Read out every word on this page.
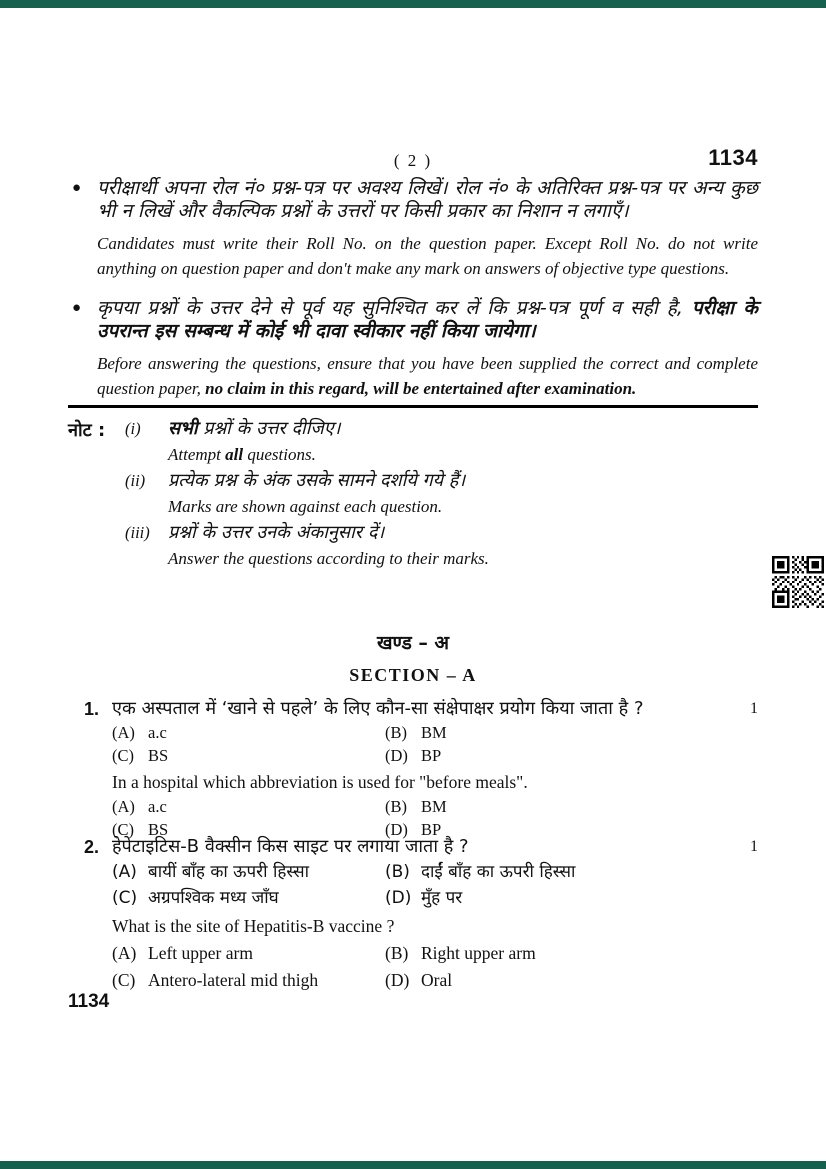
( 2 )	1134
● परीक्षार्थी अपना रोल नं० प्रश्न-पत्र पर अवश्य लिखें। रोल नं० के अतिरिक्त प्रश्न-पत्र पर अन्य कुछ भी न लिखें और वैकल्पिक प्रश्नों के उत्तरों पर किसी प्रकार का निशान न लगाएँ।
Candidates must write their Roll No. on the question paper. Except Roll No. do not write anything on question paper and don't make any mark on answers of objective type questions.
● कृपया प्रश्नों के उत्तर देने से पूर्व यह सुनिश्चित कर लें कि प्रश्न-पत्र पूर्ण व सही है, परीक्षा के उपरान्त इस सम्बन्ध में कोई भी दावा स्वीकार नहीं किया जायेगा।
Before answering the questions, ensure that you have been supplied the correct and complete question paper, no claim in this regard, will be entertained after examination.
नोट : (i)	सभी प्रश्नों के उत्तर दीजिए।
Attempt all questions.
(ii)	प्रत्येक प्रश्न के अंक उसके सामने दर्शाये गये हैं।
Marks are shown against each question.
(iii)	प्रश्नों के उत्तर उनके अंकानुसार दें।
Answer the questions according to their marks.
खण्ड – अ
SECTION – A
1. एक अस्पताल में ‘खाने से पहले’ के लिए कौन-सा संक्षेपाक्षर प्रयोग किया जाता है ?	1
(A) a.c	(B) BM
(C) BS	(D) BP
In a hospital which abbreviation is used for "before meals".
(A) a.c	(B) BM
(C) BS	(D) BP
2. हेपेटाइटिस-B वैक्सीन किस साइट पर लगाया जाता है ?	1
(A) बायीं बाँह का ऊपरी हिस्सा	(B) दाईं बाँह का ऊपरी हिस्सा
(C) अग्रपश्विक मध्य जाँघ	(D) मुँह पर
What is the site of Hepatitis-B vaccine ?
(A) Left upper arm	(B) Right upper arm
(C) Antero-lateral mid thigh	(D) Oral
1134
